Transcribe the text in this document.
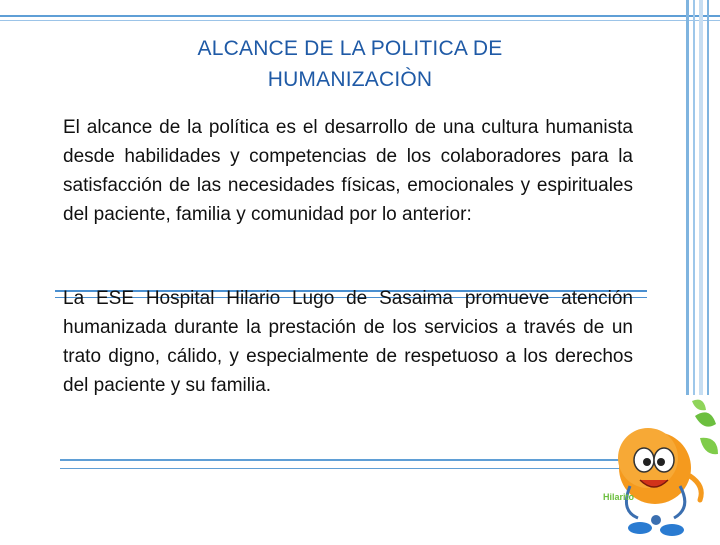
ALCANCE DE LA POLITICA DE
HUMANIZACIÒN

El alcance de la política es el desarrollo de una cultura humanista desde habilidades y competencias de los colaboradores para la satisfacción de las necesidades físicas, emocionales y espirituales del paciente, familia y comunidad por lo anterior:

La ESE Hospital Hilario Lugo de Sasaima promueve atención humanizada durante la prestación de los servicios a través de un trato digno, cálido, y especialmente de respetuoso a los derechos del paciente y su familia.

Hilarito
